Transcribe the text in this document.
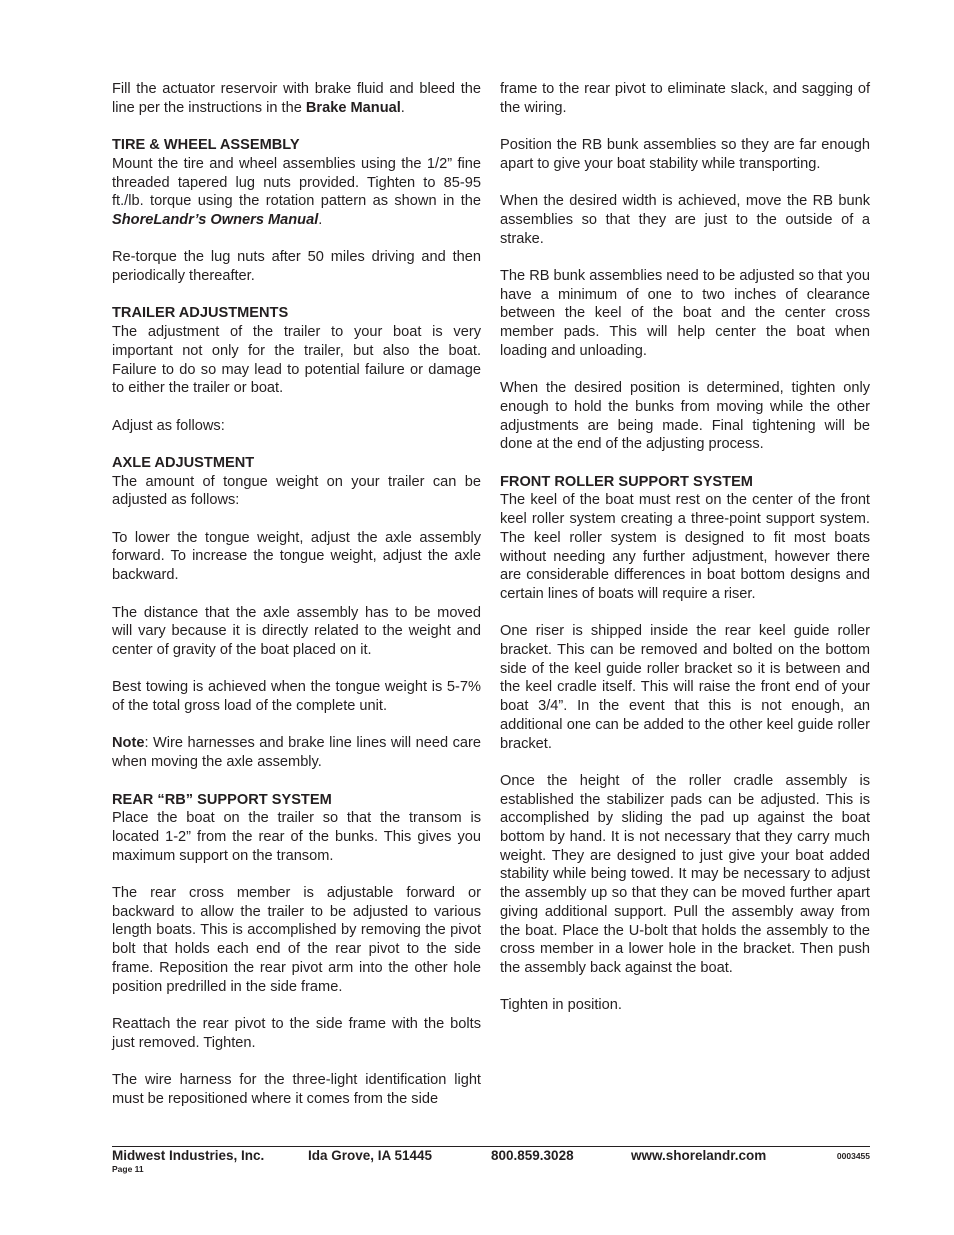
Fill the actuator reservoir with brake fluid and bleed the line per the instructions in the Brake Manual.

TIRE & WHEEL ASSEMBLY

Mount the tire and wheel assemblies using the 1/2” fine threaded tapered lug nuts provided. Tighten to 85-95 ft./lb. torque using the rotation pattern as shown in the ShoreLandr’s Owners Manual.

Re-torque the lug nuts after 50 miles driving and then periodically thereafter.

TRAILER ADJUSTMENTS

The adjustment of the trailer to your boat is very important not only for the trailer, but also the boat. Failure to do so may lead to potential failure or damage to either the trailer or boat.

Adjust as follows:

AXLE ADJUSTMENT

The amount of tongue weight on your trailer can be adjusted as follows:

To lower the tongue weight, adjust the axle assembly forward. To increase the tongue weight, adjust the axle backward.

The distance that the axle assembly has to be moved will vary because it is directly related to the weight and center of gravity of the boat placed on it.

Best towing is achieved when the tongue weight is 5-7% of the total gross load of the complete unit.

Note: Wire harnesses and brake line lines will need care when moving the axle assembly.

REAR “RB” SUPPORT SYSTEM

Place the boat on the trailer so that the transom is located 1-2” from the rear of the bunks. This gives you maximum support on the transom.

The rear cross member is adjustable forward or backward to allow the trailer to be adjusted to various length boats. This is accomplished by removing the pivot bolt that holds each end of the rear pivot to the side frame. Reposition the rear pivot arm into the other hole position predrilled in the side frame.

Reattach the rear pivot to the side frame with the bolts just removed. Tighten.

The wire harness for the three-light identification light must be repositioned where it comes from the side

frame to the rear pivot to eliminate slack, and sagging of the wiring.

Position the RB bunk assemblies so they are far enough apart to give your boat stability while transporting.

When the desired width is achieved, move the RB bunk assemblies so that they are just to the outside of a strake.

The RB bunk assemblies need to be adjusted so that you have a minimum of one to two inches of clearance between the keel of the boat and the center cross member pads. This will help center the boat when loading and unloading.

When the desired position is determined, tighten only enough to hold the bunks from moving while the other adjustments are being made. Final tightening will be done at the end of the adjusting process.

FRONT ROLLER SUPPORT SYSTEM

The keel of the boat must rest on the center of the front keel roller system creating a three-point support system. The keel roller system is designed to fit most boats without needing any further adjustment, however there are considerable differences in boat bottom designs and certain lines of boats will require a riser.

One riser is shipped inside the rear keel guide roller bracket. This can be removed and bolted on the bottom side of the keel guide roller bracket so it is between and the keel cradle itself. This will raise the front end of your boat 3/4”. In the event that this is not enough, an additional one can be added to the other keel guide roller bracket.

Once the height of the roller cradle assembly is established the stabilizer pads can be adjusted. This is accomplished by sliding the pad up against the boat bottom by hand. It is not necessary that they carry much weight. They are designed to just give your boat added stability while being towed. It may be necessary to adjust the assembly up so that they can be moved further apart giving additional support. Pull the assembly away from the boat. Place the U-bolt that holds the assembly to the cross member in a lower hole in the bracket. Then push the assembly back against the boat.

Tighten in position.

Midwest Industries, Inc.	Ida Grove, IA 51445	800.859.3028	www.shorelandr.com	0003455
Page 11
